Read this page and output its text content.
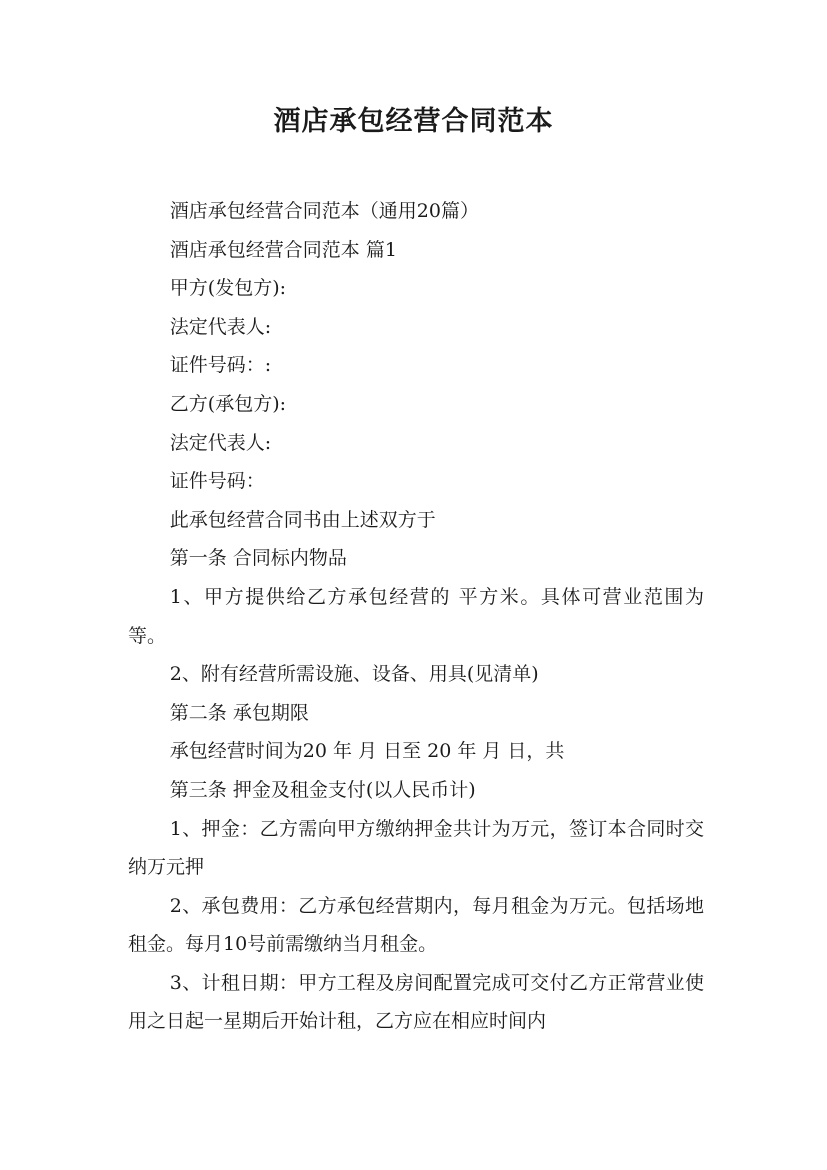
酒店承包经营合同范本

酒店承包经营合同范本（通用20篇）

酒店承包经营合同范本 篇1

甲方(发包方):

法定代表人:

证件号码：:

乙方(承包方):

法定代表人:

证件号码：

此承包经营合同书由上述双方于

第一条 合同标内物品

1、甲方提供给乙方承包经营的 平方米。具体可营业范围为 等。

2、附有经营所需设施、设备、用具(见清单)

第二条 承包期限

承包经营时间为20 年 月 日至 20 年 月 日，共

第三条 押金及租金支付(以人民币计)

1、押金：乙方需向甲方缴纳押金共计为万元，签订本合同时交纳万元押

2、承包费用：乙方承包经营期内，每月租金为万元。包括场地租金。每月10号前需缴纳当月租金。

3、计租日期：甲方工程及房间配置完成可交付乙方正常营业使用之日起一星期后开始计租，乙方应在相应时间内
